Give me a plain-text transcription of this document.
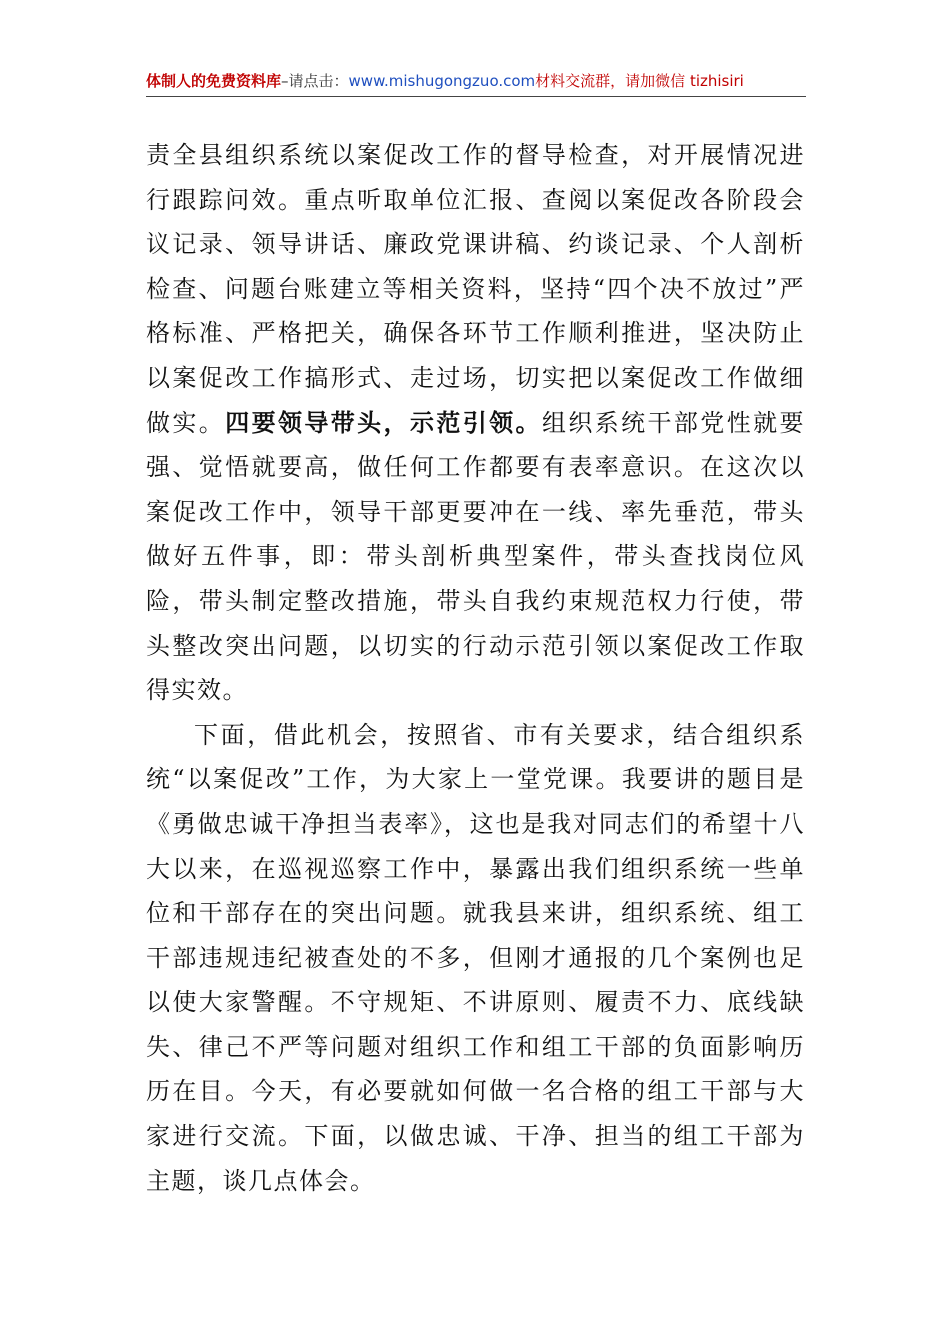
体制人的免费资料库–请点击：www.mishugongzuo.com材料交流群，请加微信 tizhisiri

责全县组织系统以案促改工作的督导检查，对开展情况进行跟踪问效。重点听取单位汇报、查阅以案促改各阶段会议记录、领导讲话、廉政党课讲稿、约谈记录、个人剖析检查、问题台账建立等相关资料，坚持“四个决不放过”严格标准、严格把关，确保各环节工作顺利推进，坚决防止以案促改工作搞形式、走过场，切实把以案促改工作做细做实。四要领导带头，示范引领。组织系统干部党性就要强、觉悟就要高，做任何工作都要有表率意识。在这次以案促改工作中，领导干部更要冲在一线、率先垂范，带头做好五件事，即：带头剖析典型案件，带头查找岗位风险，带头制定整改措施，带头自我约束规范权力行使，带头整改突出问题，以切实的行动示范引领以案促改工作取得实效。

下面，借此机会，按照省、市有关要求，结合组织系统“以案促改”工作，为大家上一堂党课。我要讲的题目是《勇做忠诚干净担当表率》，这也是我对同志们的希望十八大以来，在巡视巡察工作中，暴露出我们组织系统一些单位和干部存在的突出问题。就我县来讲，组织系统、组工干部违规违纪被查处的不多，但刚才通报的几个案例也足以使大家警醒。不守规矩、不讲原则、履责不力、底线缺失、律己不严等问题对组织工作和组工干部的负面影响历历在目。今天，有必要就如何做一名合格的组工干部与大家进行交流。下面，以做忠诚、干净、担当的组工干部为主题，谈几点体会。
